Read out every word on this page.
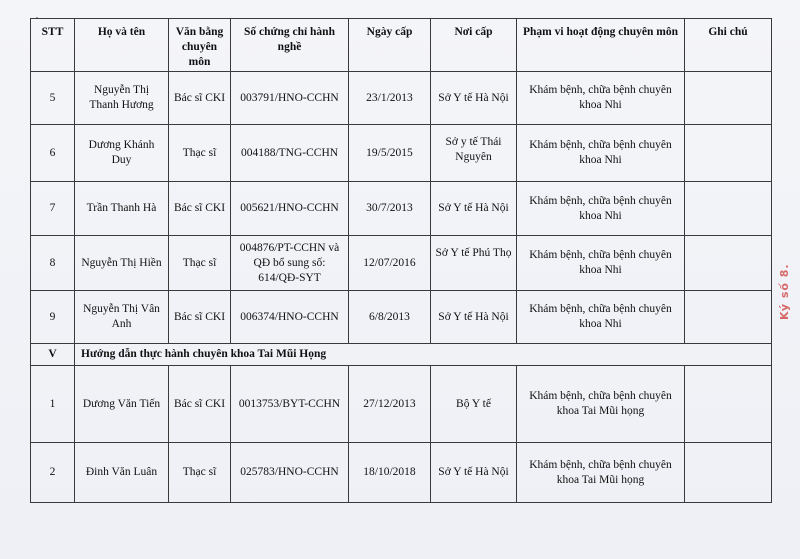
STT	Họ và tên	Văn bằng chuyên môn	Số chứng chỉ hành nghề	Ngày cấp	Nơi cấp	Phạm vi hoạt động chuyên môn	Ghi chú
5	Nguyễn Thị Thanh Hương	Bác sĩ CKI	003791/HNO-CCHN	23/1/2013	Sở Y tế Hà Nội	Khám bệnh, chữa bệnh chuyên khoa Nhi	
6	Dương Khánh Duy	Thạc sĩ	004188/TNG-CCHN	19/5/2015	Sở y tế Thái Nguyên	Khám bệnh, chữa bệnh chuyên khoa Nhi	
7	Trần Thanh Hà	Bác sĩ CKI	005621/HNO-CCHN	30/7/2013	Sở Y tế Hà Nội	Khám bệnh, chữa bệnh chuyên khoa Nhi	
8	Nguyễn Thị Hiền	Thạc sĩ	004876/PT-CCHN và QĐ bổ sung số: 614/QĐ-SYT	12/07/2016	Sở Y tế Phú Thọ	Khám bệnh, chữa bệnh chuyên khoa Nhi	
9	Nguyễn Thị Vân Anh	Bác sĩ CKI	006374/HNO-CCHN	6/8/2013	Sở Y tế Hà Nội	Khám bệnh, chữa bệnh chuyên khoa Nhi	
V	Hướng dẫn thực hành chuyên khoa Tai Mũi Họng						
1	Dương Văn Tiến	Bác sĩ CKI	0013753/BYT-CCHN	27/12/2013	Bộ Y tế	Khám bệnh, chữa bệnh chuyên khoa Tai Mũi họng	
2	Đinh Văn Luân	Thạc sĩ	025783/HNO-CCHN	18/10/2018	Sở Y tế Hà Nội	Khám bệnh, chữa bệnh chuyên khoa Tai Mũi họng	
Ký số 8.
